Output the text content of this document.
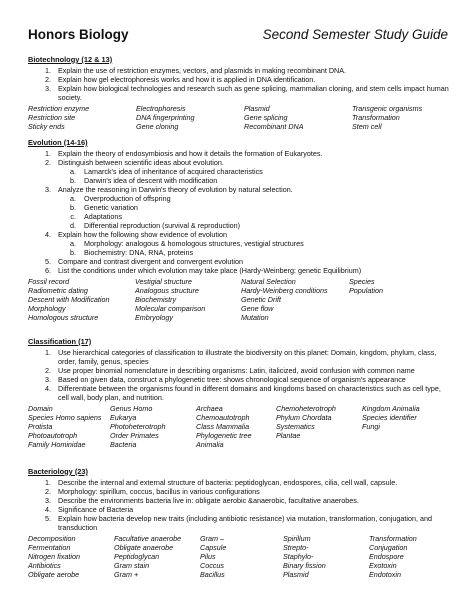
Honors Biology	Second Semester Study Guide
Biotechnology (12 & 13)
1. Explain the use of restriction enzymes, vectors, and plasmids in making recombinant DNA.
2. Explain how gel electrophoresis works and how it is applied in DNA identification.
3. Explain how biological technologies and research such as gene splicing, mammalian cloning, and stem cells impact human society.
Restriction enzyme	Electrophoresis	Plasmid	Transgenic organisms
Restriction site	DNA fingerprinting	Gene splicing	Transformation
Sticky ends	Gene cloning	Recombinant DNA	Stem cell
Evolution (14-16)
1. Explain the theory of endosymbiosis and how it details the formation of Eukaryotes.
2. Distinguish between scientific ideas about evolution.
a. Lamarck's idea of inheritance of acquired characteristics
b. Darwin's idea of descent with modification
3. Analyze the reasoning in Darwin's theory of evolution by natural selection.
a. Overproduction of offspring
b. Genetic variation
c. Adaptations
d. Differential reproduction (survival & reproduction)
4. Explain how the following show evidence of evolution
a. Morphology: analogous & homologous structures, vestigial structures
b. Biochemistry: DNA, RNA, proteins
5. Compare and contrast divergent and convergent evolution
6. List the conditions under which evolution may take place (Hardy-Weinberg: genetic Equilibrium)
Fossil record	Vestigial structure	Natural Selection	Species
Radiometric dating	Analogous structure	Hardy-Weinberg conditions	Population
Descent with Modification	Biochemistry	Genetic Drift
Morphology	Molecular comparison	Gene flow
Homologous structure	Embryology	Mutation
Classification (17)
1. Use hierarchical categories of classification to illustrate the biodiversity on this planet: Domain, kingdom, phylum, class, order, family, genus, species
2. Use proper binomial nomenclature in describing organisms: Latin, italicized, avoid confusion with common name
3. Based on given data, construct a phylogenetic tree: shows chronological sequence of organism's appearance
4. Differentiate between the organisms found in different domains and kingdoms based on characteristics such as cell type, cell wall, body plan, and nutrition.
Domain	Genus Homo	Archaea	Chemoheterotroph	Kingdom Animalia
Species Homo sapiens	Eukarya	Chemoautotroph	Phylum Chordata	Species identifier
Protista	Photoheterotroph	Class Mammalia	Systematics	Fungi
Photoautotroph	Order Primates	Phylogenetic tree	Plantae
Family Hominidae	Bacteria	Animalia
Bacteriology (23)
1. Describe the internal and external structure of bacteria: peptidoglycan, endospores, cilia, cell wall, capsule.
2. Morphology: spirillum, coccus, bacillus in various configurations
3. Describe the environments bacteria live in: obligate aerobic &anaerobic, facultative anaerobes.
4. Significance of Bacteria
5. Explain how bacteria develop new traits (including antibiotic resistance) via mutation, transformation, conjugation, and transduction
Decomposition	Facultative anaerobe	Gram –	Spirillum	Transformation
Fermentation	Obligate anaerobe	Capsule	Strepto-	Conjugation
Nitrogen fixation	Peptidoglycan	Pilus	Staphylo-	Endospore
Antibiotics	Gram stain	Coccus	Binary fission	Exotoxin
Obligate aerobe	Gram +	Bacillus	Plasmid	Endotoxin
